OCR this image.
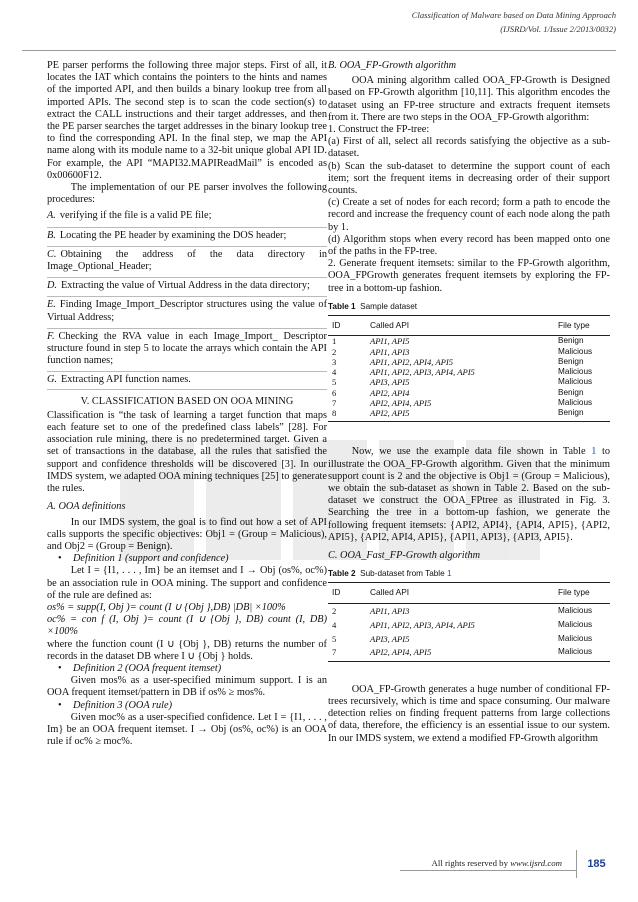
Classification of Malware based on Data Mining Approach
(IJSRD/Vol. 1/Issue 2/2013/0032)
PE parser performs the following three major steps. First of all, it locates the IAT which contains the pointers to the hints and names of the imported API, and then builds a binary lookup tree from all imported APIs. The second step is to scan the code section(s) to extract the CALL instructions and their target addresses, and then the PE parser searches the target addresses in the binary lookup tree to find the corresponding API. In the final step, we map the API name along with its module name to a 32-bit unique global API ID. For example, the API “MAPI32.MAPIReadMail” is encoded as 0x00600F12.
The implementation of our PE parser involves the following procedures:
A. verifying if the file is a valid PE file;
B. Locating the PE header by examining the DOS header;
C. Obtaining the address of the data directory in Image_Optional_Header;
D. Extracting the value of Virtual Address in the data directory;
E. Finding Image_Import_Descriptor structures using the value of Virtual Address;
F. Checking the RVA value in each Image_Import_ Descriptor structure found in step 5 to locate the arrays which contain the API function names;
G. Extracting API function names.
V. CLASSIFICATION BASED ON OOA MINING
Classification is “the task of learning a target function that maps each feature set to one of the predefined class labels” [28]. For association rule mining, there is no predetermined target. Given a set of transactions in the database, all the rules that satisfied the support and confidence thresholds will be discovered [3]. In our IMDS system, we adapted OOA mining techniques [25] to generate the rules.
A. OOA definitions
In our IMDS system, the goal is to find out how a set of API calls supports the specific objectives: Obj1 = (Group = Malicious), and Obj2 = (Group = Benign).
• Definition 1 (support and confidence)
Let I = {I1, . . . , Im} be an itemset and I → Obj (os%, oc%) be an association rule in OOA mining. The support and confidence of the rule are defined as:
os% = supp(I, Obj )= count (I ∪ {Obj },DB) |DB| ×100%
oc% = con f (I, Obj )= count (I ∪ {Obj }, DB) count (I, DB) ×100%
where the function count (I ∪ {Obj }, DB) returns the number of records in the dataset DB where I ∪ {Obj } holds.
• Definition 2 (OOA frequent itemset)
Given mos% as a user-specified minimum support. I is an OOA frequent itemset/pattern in DB if os% ≥ mos%.
• Definition 3 (OOA rule)
Given moc% as a user-specified confidence. Let I = {I1, . . . , Im} be an OOA frequent itemset. I → Obj (os%, oc%) is an OOA rule if oc% ≥ moc%.
B. OOA_FP-Growth algorithm
OOA mining algorithm called OOA_FP-Growth is Designed based on FP-Growth algorithm [10,11]. This algorithm encodes the dataset using an FP-tree structure and extracts frequent itemsets from it. There are two steps in the OOA_FP-Growth algorithm:
1. Construct the FP-tree:
(a) First of all, select all records satisfying the objective as a sub-dataset.
(b) Scan the sub-dataset to determine the support count of each item; sort the frequent items in decreasing order of their support counts.
(c) Create a set of nodes for each record; form a path to encode the record and increase the frequency count of each node along the path by 1.
(d) Algorithm stops when every record has been mapped onto one of the paths in the FP-tree.
2. Generate frequent itemsets: similar to the FP-Growth algorithm, OOA_FPGrowth generates frequent itemsets by exploring the FP-tree in a bottom-up fashion.
Table 1 Sample dataset
ID	Called API	File type
1	API1, API5	Benign
2	API1, API3	Malicious
3	API1, API2, API4, API5	Benign
4	API1, API2, API3, API4, API5	Malicious
5	API3, API5	Malicious
6	API2, API4	Benign
7	API2, API4, API5	Malicious
8	API2, API5	Benign
Now, we use the example data file shown in Table 1 to illustrate the OOA_FP-Growth algorithm. Given that the minimum support count is 2 and the objective is Obj1 = (Group = Malicious), we obtain the sub-dataset as shown in Table 2. Based on the sub-dataset we construct the OOA_FPtree as illustrated in Fig. 3. Searching the tree in a bottom-up fashion, we generate the following frequent itemsets: {API2, API4}, {API4, API5}, {API2, API5}, {API2, API4, API5}, {API1, API3}, {API3, API5}.
C. OOA_Fast_FP-Growth algorithm
Table 2 Sub-dataset from Table 1
ID	Called API	File type
2	API1, API3	Malicious
4	API1, API2, API3, API4, API5	Malicious
5	API3, API5	Malicious
7	API2, API4, API5	Malicious
OOA_FP-Growth generates a huge number of conditional FP-trees recursively, which is time and space consuming. Our malware detection relies on finding frequent patterns from large collections of data, therefore, the efficiency is an essential issue to our system. In our IMDS system, we extend a modified FP-Growth algorithm
All rights reserved by www.ijsrd.com	185
